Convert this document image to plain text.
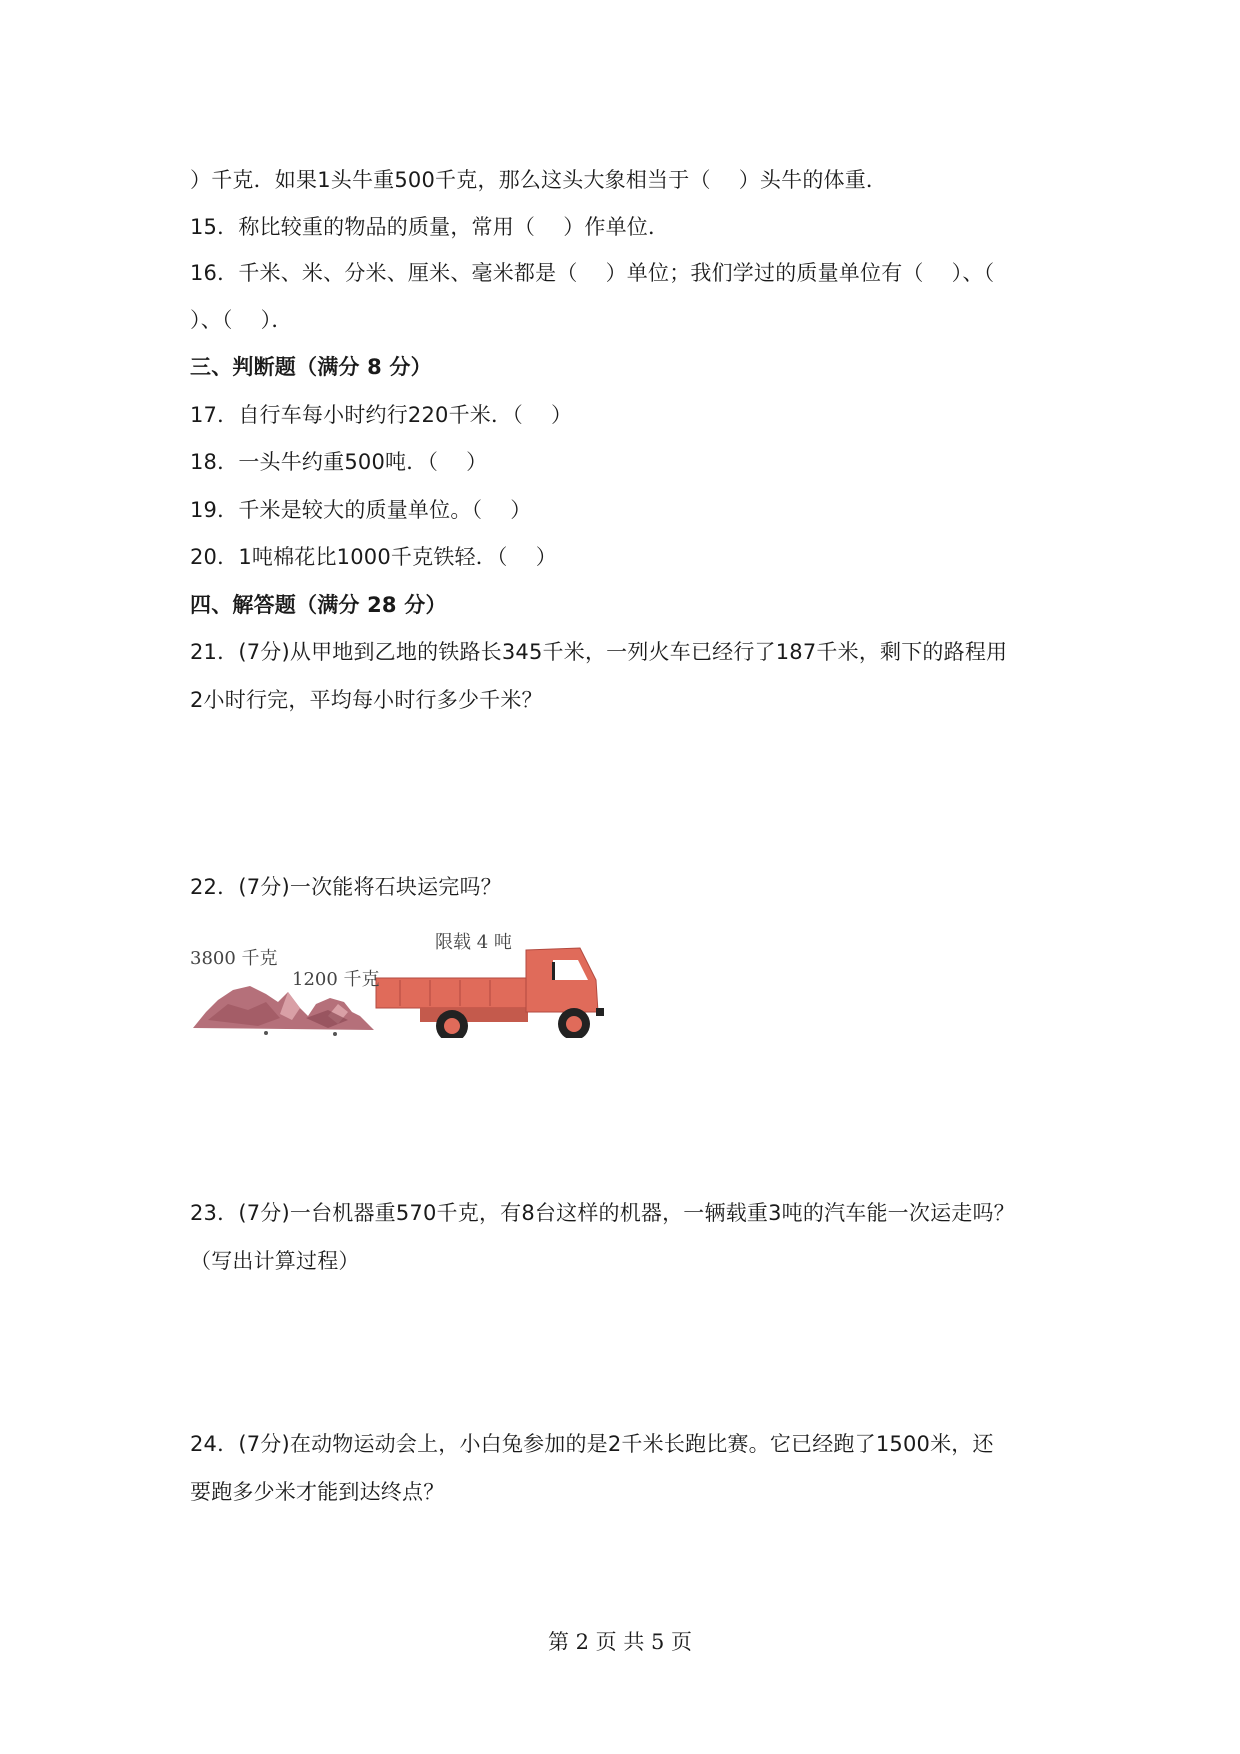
）千克．如果1头牛重500千克，那么这头大象相当于（　 ）头牛的体重．
15．称比较重的物品的质量，常用（　 ）作单位．
16．千米、米、分米、厘米、毫米都是（　 ）单位；我们学过的质量单位有（　 ）、（
）、（　 ）．
三、判断题（满分 8 分）
17．自行车每小时约行220千米．（　 ）
18．一头牛约重500吨．（　 ）
19．千米是较大的质量单位。（　 ）
20．1吨棉花比1000千克铁轻．（　 ）
四、解答题（满分 28 分）
21．(7分)从甲地到乙地的铁路长345千米，一列火车已经行了187千米，剩下的路程用
2小时行完，平均每小时行多少千米？
22．(7分)一次能将石块运完吗？
3800 千克
1200 千克
限载 4 吨
23．(7分)一台机器重570千克，有8台这样的机器，一辆载重3吨的汽车能一次运走吗？
（写出计算过程）
24．(7分)在动物运动会上，小白兔参加的是2千米长跑比赛。它已经跑了1500米，还
要跑多少米才能到达终点？
第 2 页 共 5 页
